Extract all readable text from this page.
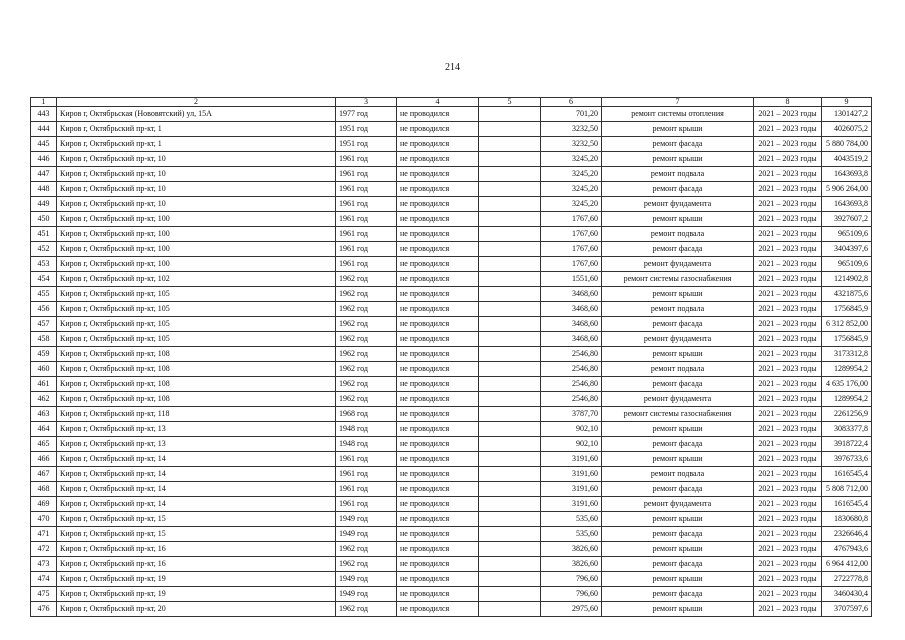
214
1	2	3	4	5	6	7	8	9
443	Киров г, Октябрьская (Нововятский) ул, 15А	1977 год	не проводился		701,20	ремонт системы отопления	2021 – 2023 годы	1301427,2
444	Киров г, Октябрьский пр-кт, 1	1951 год	не проводился		3232,50	ремонт крыши	2021 – 2023 годы	4026075,2
445	Киров г, Октябрьский пр-кт, 1	1951 год	не проводился		3232,50	ремонт фасада	2021 – 2023 годы	5 880 784,00
446	Киров г, Октябрьский пр-кт, 10	1961 год	не проводился		3245,20	ремонт крыши	2021 – 2023 годы	4043519,2
447	Киров г, Октябрьский пр-кт, 10	1961 год	не проводился		3245,20	ремонт подвала	2021 – 2023 годы	1643693,8
448	Киров г, Октябрьский пр-кт, 10	1961 год	не проводился		3245,20	ремонт фасада	2021 – 2023 годы	5 906 264,00
449	Киров г, Октябрьский пр-кт, 10	1961 год	не проводился		3245,20	ремонт фундамента	2021 – 2023 годы	1643693,8
450	Киров г, Октябрьский пр-кт, 100	1961 год	не проводился		1767,60	ремонт крыши	2021 – 2023 годы	3927607,2
451	Киров г, Октябрьский пр-кт, 100	1961 год	не проводился		1767,60	ремонт подвала	2021 – 2023 годы	965109,6
452	Киров г, Октябрьский пр-кт, 100	1961 год	не проводился		1767,60	ремонт фасада	2021 – 2023 годы	3404397,6
453	Киров г, Октябрьский пр-кт, 100	1961 год	не проводился		1767,60	ремонт фундамента	2021 – 2023 годы	965109,6
454	Киров г, Октябрьский пр-кт, 102	1962 год	не проводился		1551,60	ремонт системы газоснабжения	2021 – 2023 годы	1214902,8
455	Киров г, Октябрьский пр-кт, 105	1962 год	не проводился		3468,60	ремонт крыши	2021 – 2023 годы	4321875,6
456	Киров г, Октябрьский пр-кт, 105	1962 год	не проводился		3468,60	ремонт подвала	2021 – 2023 годы	1756845,9
457	Киров г, Октябрьский пр-кт, 105	1962 год	не проводился		3468,60	ремонт фасада	2021 – 2023 годы	6 312 852,00
458	Киров г, Октябрьский пр-кт, 105	1962 год	не проводился		3468,60	ремонт фундамента	2021 – 2023 годы	1756845,9
459	Киров г, Октябрьский пр-кт, 108	1962 год	не проводился		2546,80	ремонт крыши	2021 – 2023 годы	3173312,8
460	Киров г, Октябрьский пр-кт, 108	1962 год	не проводился		2546,80	ремонт подвала	2021 – 2023 годы	1289954,2
461	Киров г, Октябрьский пр-кт, 108	1962 год	не проводился		2546,80	ремонт фасада	2021 – 2023 годы	4 635 176,00
462	Киров г, Октябрьский пр-кт, 108	1962 год	не проводился		2546,80	ремонт фундамента	2021 – 2023 годы	1289954,2
463	Киров г, Октябрьский пр-кт, 118	1968 год	не проводился		3787,70	ремонт системы газоснабжения	2021 – 2023 годы	2261256,9
464	Киров г, Октябрьский пр-кт, 13	1948 год	не проводился		902,10	ремонт крыши	2021 – 2023 годы	3083377,8
465	Киров г, Октябрьский пр-кт, 13	1948 год	не проводился		902,10	ремонт фасада	2021 – 2023 годы	3918722,4
466	Киров г, Октябрьский пр-кт, 14	1961 год	не проводился		3191,60	ремонт крыши	2021 – 2023 годы	3976733,6
467	Киров г, Октябрьский пр-кт, 14	1961 год	не проводился		3191,60	ремонт подвала	2021 – 2023 годы	1616545,4
468	Киров г, Октябрьский пр-кт, 14	1961 год	не проводился		3191,60	ремонт фасада	2021 – 2023 годы	5 808 712,00
469	Киров г, Октябрьский пр-кт, 14	1961 год	не проводился		3191,60	ремонт фундамента	2021 – 2023 годы	1616545,4
470	Киров г, Октябрьский пр-кт, 15	1949 год	не проводился		535,60	ремонт крыши	2021 – 2023 годы	1830680,8
471	Киров г, Октябрьский пр-кт, 15	1949 год	не проводился		535,60	ремонт фасада	2021 – 2023 годы	2326646,4
472	Киров г, Октябрьский пр-кт, 16	1962 год	не проводился		3826,60	ремонт крыши	2021 – 2023 годы	4767943,6
473	Киров г, Октябрьский пр-кт, 16	1962 год	не проводился		3826,60	ремонт фасада	2021 – 2023 годы	6 964 412,00
474	Киров г, Октябрьский пр-кт, 19	1949 год	не проводился		796,60	ремонт крыши	2021 – 2023 годы	2722778,8
475	Киров г, Октябрьский пр-кт, 19	1949 год	не проводился		796,60	ремонт фасада	2021 – 2023 годы	3460430,4
476	Киров г, Октябрьский пр-кт, 20	1962 год	не проводился		2975,60	ремонт крыши	2021 – 2023 годы	3707597,6
